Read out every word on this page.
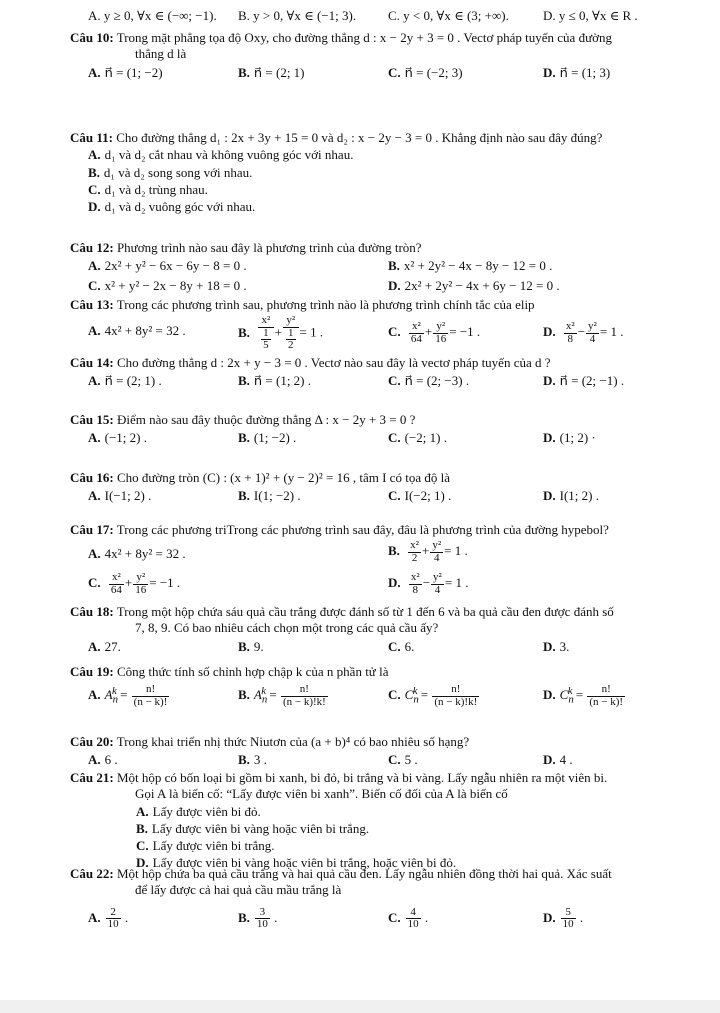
A. y ≥ 0, ∀x ∈ (−∞; −1). B. y > 0, ∀x ∈ (−1; 3). C. y < 0, ∀x ∈ (3; +∞).	D. y ≤ 0, ∀x ∈ R .

Câu 10: Trong mặt phẳng tọa độ Oxy, cho đường thẳng d : x − 2y + 3 = 0 . Vectơ pháp tuyến của đường

thẳng d là

A. n⃗ = (1; −2)	B. n⃗ = (2; 1)	C. n⃗ = (−2; 3)	D. n⃗ = (1; 3)

Câu 11: Cho đường thẳng d₁ : 2x + 3y + 15 = 0 và d₂ : x − 2y − 3 = 0 . Khẳng định nào sau đây đúng?

A. d₁ và d₂ cắt nhau và không vuông góc với nhau.

B. d₁ và d₂ song song với nhau.

C. d₁ và d₂ trùng nhau.

D. d₁ và d₂ vuông góc với nhau.

Câu 12: Phương trình nào sau đây là phương trình của đường tròn?

A. 2x² + y² − 6x − 6y − 8 = 0 .	B. x² + 2y² − 4x − 8y − 12 = 0 .
C. x² + y² − 2x − 8y + 18 = 0 .	D. 2x² + 2y² − 4x + 6y − 12 = 0 .

Câu 13: Trong các phương trình sau, phương trình nào là phương trình chính tắc của elip

A. 4x² + 8y² = 32 .	B. $\frac{\text{x²}}{\frac{1}{5}} + \frac{\text{y²}}{\frac{1}{2}} = 1$ .	C. $\frac{\text{x²}}{64} + \frac{\text{y²}}{16} = -1$ .	D. $\frac{\text{x²}}{8} - \frac{\text{y²}}{4} = 1$ .

Câu 14: Cho đường thẳng d : 2x + y − 3 = 0 . Vectơ nào sau đây là vectơ pháp tuyến của d ?

A. n⃗ = (2; 1) .	B. n⃗ = (1; 2) .	C. n⃗ = (2; −3) .	D. n⃗ = (2; −1) .

Câu 15: Điểm nào sau đây thuộc đường thẳng Δ : x − 2y + 3 = 0 ?

A. (−1; 2) .	B. (1; −2) .	C. (−2; 1) .	D. (1; 2) ·

Câu 16: Cho đường tròn (C) : (x + 1)² + (y − 2)² = 16 , tâm I có tọa độ là

A. I(−1; 2) .	B. I(1; −2) .	C. I(−2; 1) .	D. I(1; 2) .

Câu 17: Trong các phương triTrong các phương trình sau đây, đâu là phương trình của đường hypebol?

A. 4x² + 8y² = 32 .	B. $\frac{\text{x²}}{2} + \frac{\text{y²}}{4} = 1$ .
C. $\frac{\text{x²}}{64} + \frac{\text{y²}}{16} = -1$ .	D. $\frac{\text{x²}}{8} - \frac{\text{y²}}{4} = 1$ .

Câu 18: Trong một hộp chứa sáu quả cầu trắng được đánh số từ 1 đến 6 và ba quả cầu đen được đánh số

7, 8, 9. Có bao nhiêu cách chọn một trong các quả cầu ấy?

A. 27.	B. 9.	C. 6.	D. 3.

Câu 19: Công thức tính số chỉnh hợp chập k của n phần tử là

A. $A_n^k = \frac{n!}{(n - k)!}$	B. $A_n^k = \frac{n!}{(n - k)!k!}$	C. $C_n^k = \frac{n!}{(n - k)!k!}$	D. $C_n^k = \frac{n!}{(n - k)!}$

Câu 20: Trong khai triển nhị thức Niutơn của (a + b)⁴ có bao nhiêu số hạng?

A. 6 .	B. 3 .	C. 5 .	D. 4 .

Câu 21: Một hộp có bốn loại bi gồm bi xanh, bi đỏ, bi trắng và bi vàng. Lấy ngẫu nhiên ra một viên bi.

Gọi A là biến cố: “Lấy được viên bi xanh”. Biến cố đối của A là biến cố

A. Lấy được viên bi đỏ.

B. Lấy được viên bi vàng hoặc viên bi trắng.

C. Lấy được viên bi trắng.

D. Lấy được viên bi vàng hoặc viên bi trắng, hoặc viên bi đỏ.

Câu 22: Một hộp chứa ba quả cầu trắng và hai quả cầu đen. Lấy ngẫu nhiên đồng thời hai quả. Xác suất

để lấy được cả hai quả cầu mầu trắng là

A. $\frac{2}{10}$ .	B. $\frac{3}{10}$ .	C. $\frac{4}{10}$ .	D. $\frac{5}{10}$ .
